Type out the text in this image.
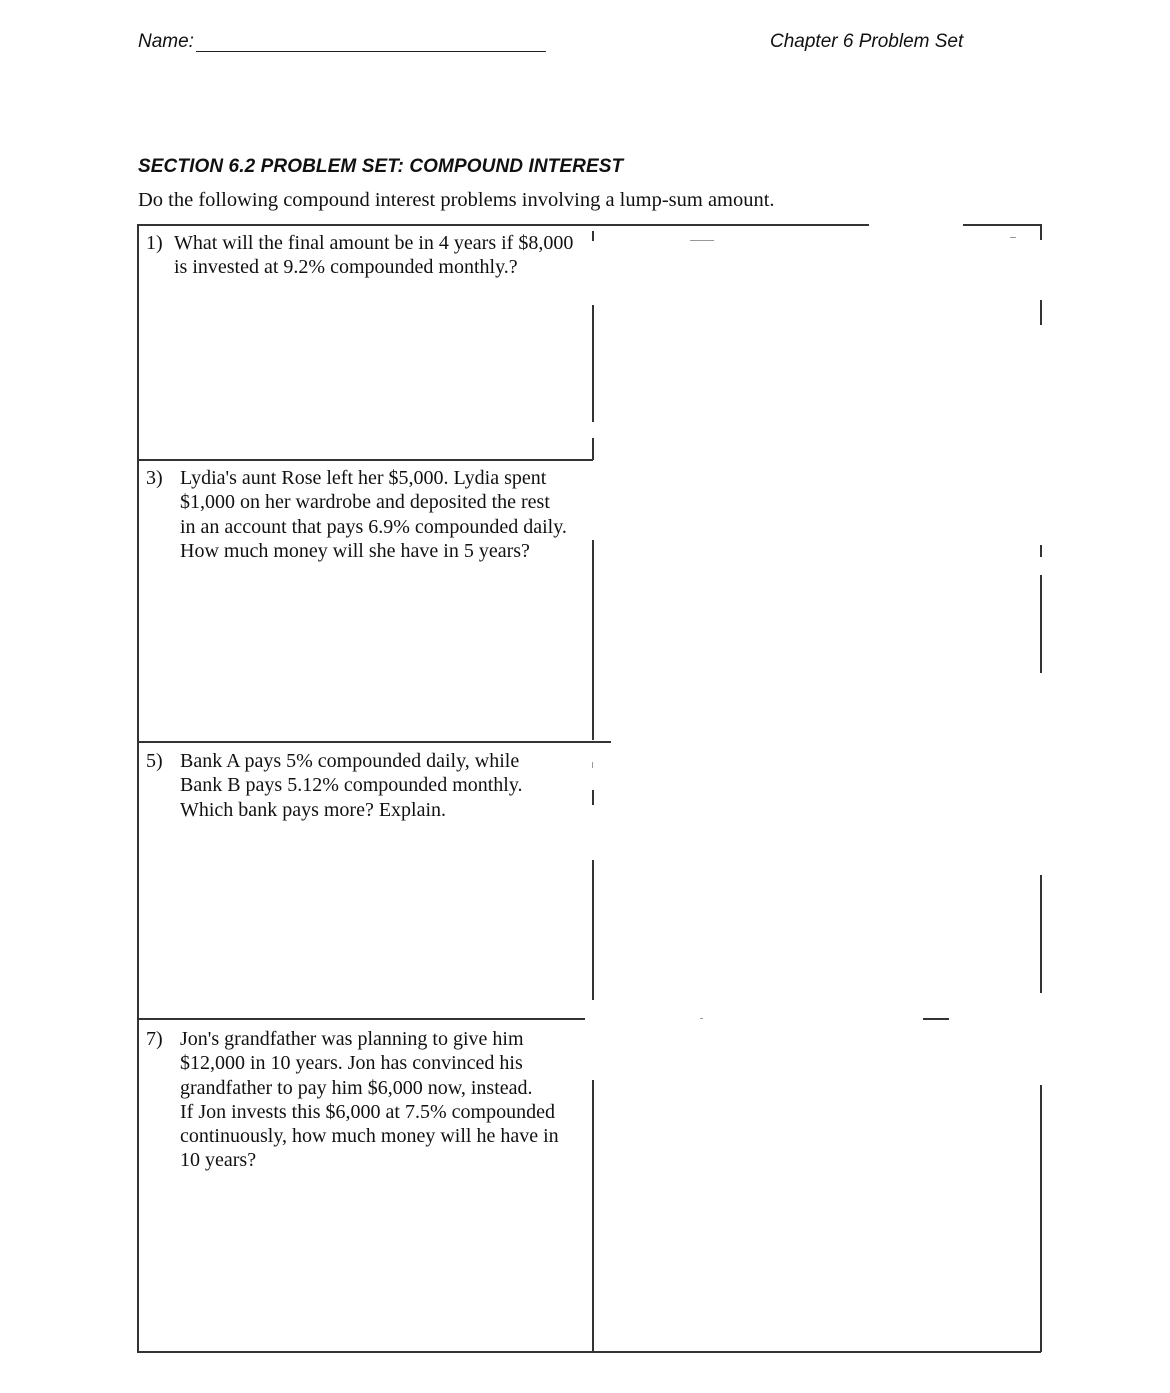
Name:	Chapter 6 Problem Set
SECTION 6.2 PROBLEM SET: COMPOUND INTEREST
Do the following compound interest problems involving a lump-sum amount.
1) What will the final amount be in 4 years if $8,000
is invested at 9.2% compounded monthly.?
3) Lydia's aunt Rose left her $5,000. Lydia spent
$1,000 on her wardrobe and deposited the rest
in an account that pays 6.9% compounded daily.
How much money will she have in 5 years?
5) Bank A pays 5% compounded daily, while
Bank B pays 5.12% compounded monthly.
Which bank pays more? Explain.
7) Jon's grandfather was planning to give him
$12,000 in 10 years. Jon has convinced his
grandfather to pay him $6,000 now, instead.
If Jon invests this $6,000 at 7.5% compounded
continuously, how much money will he have in
10 years?
